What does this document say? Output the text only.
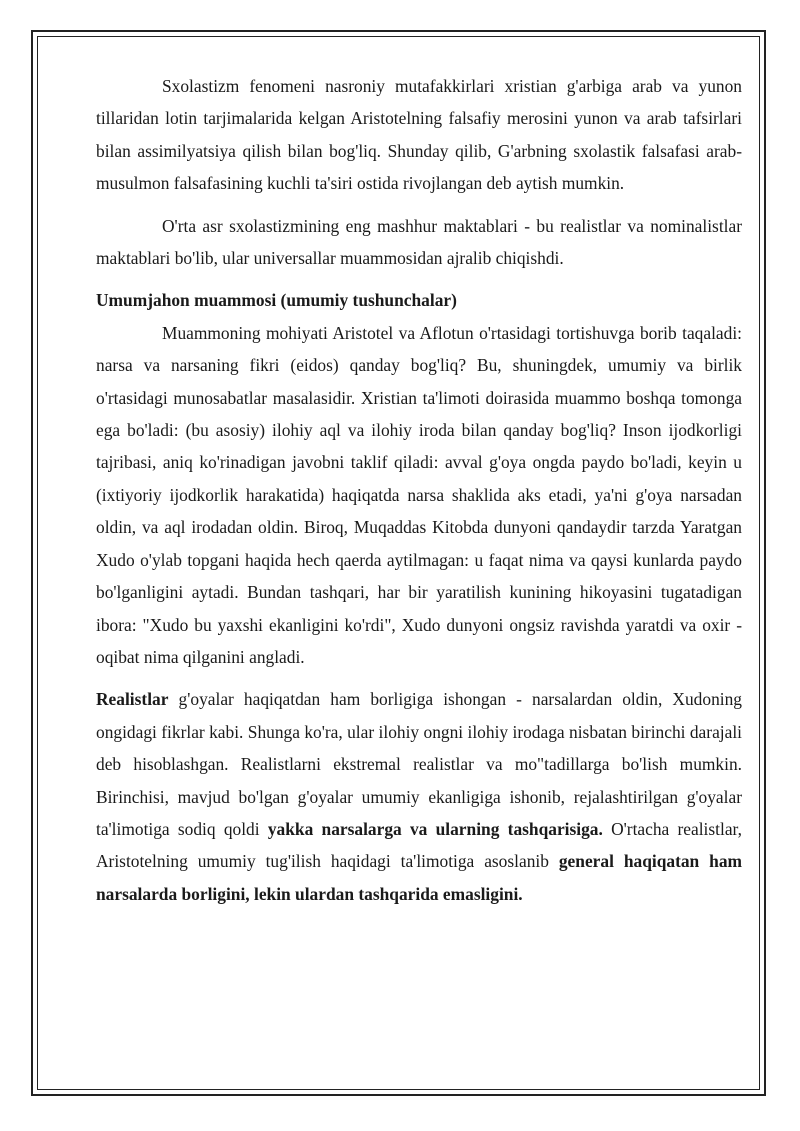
Sxolastizm fenomeni nasroniy mutafakkirlari xristian g'arbiga arab va yunon tillaridan lotin tarjimalarida kelgan Aristotelning falsafiy merosini yunon va arab tafsirlari bilan assimilyatsiya qilish bilan bog'liq. Shunday qilib, G'arbning sxolastik falsafasi arab-musulmon falsafasining kuchli ta'siri ostida rivojlangan deb aytish mumkin.

O'rta asr sxolastizmining eng mashhur maktablari - bu realistlar va nominalistlar maktablari bo'lib, ular universallar muammosidan ajralib chiqishdi.

Umumjahon muammosi (umumiy tushunchalar)

Muammoning mohiyati Aristotel va Aflotun o'rtasidagi tortishuvga borib taqaladi: narsa va narsaning fikri (eidos) qanday bog'liq? Bu, shuningdek, umumiy va birlik o'rtasidagi munosabatlar masalasidir. Xristian ta'limoti doirasida muammo boshqa tomonga ega bo'ladi: (bu asosiy) ilohiy aql va ilohiy iroda bilan qanday bog'liq? Inson ijodkorligi tajribasi, aniq ko'rinadigan javobni taklif qiladi: avval g'oya ongda paydo bo'ladi, keyin u (ixtiyoriy ijodkorlik harakatida) haqiqatda narsa shaklida aks etadi, ya'ni g'oya narsadan oldin, va aql irodadan oldin. Biroq, Muqaddas Kitobda dunyoni qandaydir tarzda Yaratgan Xudo o'ylab topgani haqida hech qaerda aytilmagan: u faqat nima va qaysi kunlarda paydo bo'lganligini aytadi. Bundan tashqari, har bir yaratilish kunining hikoyasini tugatadigan ibora: "Xudo bu yaxshi ekanligini ko'rdi", Xudo dunyoni ongsiz ravishda yaratdi va oxir -oqibat nima qilganini angladi.

Realistlar g'oyalar haqiqatdan ham borligiga ishongan - narsalardan oldin, Xudoning ongidagi fikrlar kabi. Shunga ko'ra, ular ilohiy ongni ilohiy irodaga nisbatan birinchi darajali deb hisoblashgan. Realistlarni ekstremal realistlar va mo"tadillarga bo'lish mumkin. Birinchisi, mavjud bo'lgan g'oyalar umumiy ekanligiga ishonib, rejalashtirilgan g'oyalar ta'limotiga sodiq qoldi yakka narsalarga va ularning tashqarisiga. O'rtacha realistlar, Aristotelning umumiy tug'ilish haqidagi ta'limotiga asoslanib general haqiqatan ham narsalarda borligini, lekin ulardan tashqarida emasligini.
